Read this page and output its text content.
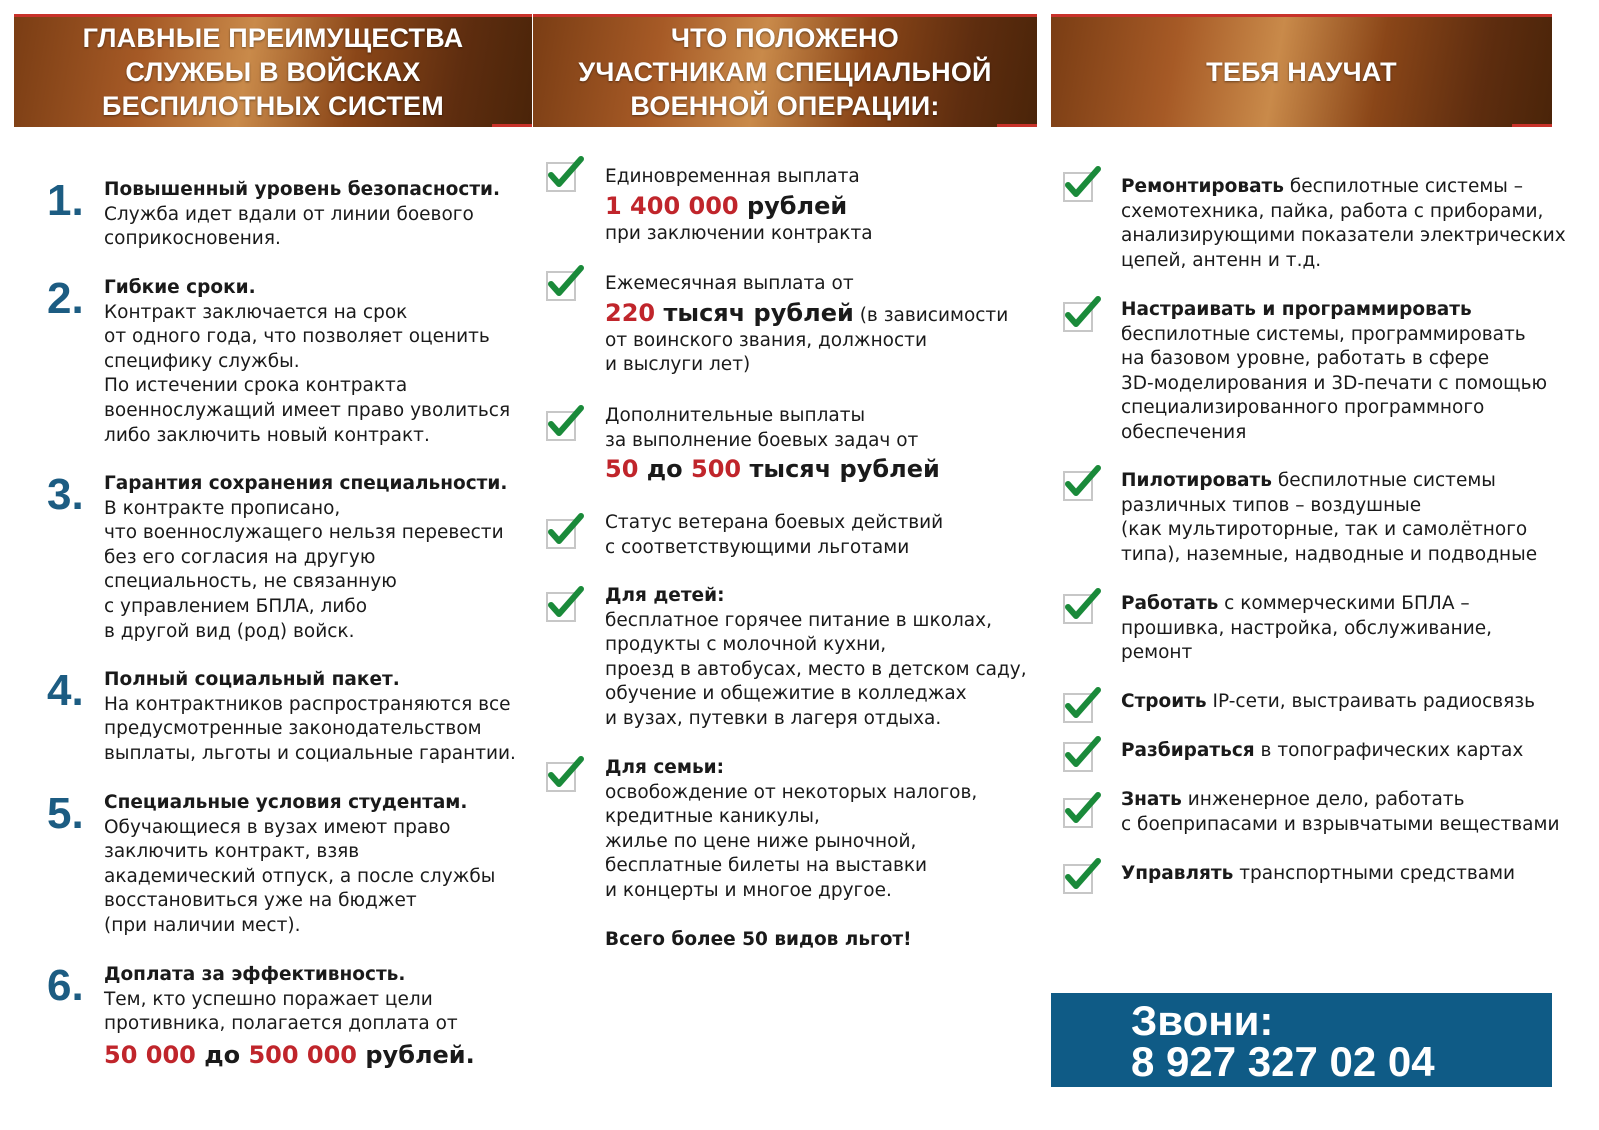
ГЛАВНЫЕ ПРЕИМУЩЕСТВА
СЛУЖБЫ В ВОЙСКАХ
БЕСПИЛОТНЫХ СИСТЕМ
1. Повышенный уровень безопасности.
Служба идет вдали от линии боевого
соприкосновения.
2. Гибкие сроки.
Контракт заключается на срок
от одного года, что позволяет оценить
специфику службы.
По истечении срока контракта
военнослужащий имеет право уволиться
либо заключить новый контракт.
3. Гарантия сохранения специальности.
В контракте прописано,
что военнослужащего нельзя перевести
без его согласия на другую
специальность, не связанную
с управлением БПЛА, либо
в другой вид (род) войск.
4. Полный социальный пакет.
На контрактников распространяются все
предусмотренные законодательством
выплаты, льготы и социальные гарантии.
5. Специальные условия студентам.
Обучающиеся в вузах имеют право
заключить контракт, взяв
академический отпуск, а после службы
восстановиться уже на бюджет
(при наличии мест).
6. Доплата за эффективность.
Тем, кто успешно поражает цели
противника, полагается доплата от
50 000 до 500 000 рублей.
ЧТО ПОЛОЖЕНО
УЧАСТНИКАМ СПЕЦИАЛЬНОЙ
ВОЕННОЙ ОПЕРАЦИИ:
Единовременная выплата
1 400 000 рублей
при заключении контракта
Ежемесячная выплата от
220 тысяч рублей (в зависимости
от воинского звания, должности
и выслуги лет)
Дополнительные выплаты
за выполнение боевых задач от
50 до 500 тысяч рублей
Статус ветерана боевых действий
с соответствующими льготами
Для детей:
бесплатное горячее питание в школах,
продукты с молочной кухни,
проезд в автобусах, место в детском саду,
обучение и общежитие в колледжах
и вузах, путевки в лагеря отдыха.
Для семьи:
освобождение от некоторых налогов,
кредитные каникулы,
жилье по цене ниже рыночной,
бесплатные билеты на выставки
и концерты и многое другое.
Всего более 50 видов льгот!
ТЕБЯ НАУЧАТ
Ремонтировать беспилотные системы –
схемотехника, пайка, работа с приборами,
анализирующими показатели электрических
цепей, антенн и т.д.
Настраивать и программировать
беспилотные системы, программировать
на базовом уровне, работать в сфере
3D-моделирования и 3D-печати с помощью
специализированного программного
обеспечения
Пилотировать беспилотные системы
различных типов – воздушные
(как мультироторные, так и самолётного
типа), наземные, надводные и подводные
Работать с коммерческими БПЛА –
прошивка, настройка, обслуживание,
ремонт
Строить IP-сети, выстраивать радиосвязь
Разбираться в топографических картах
Знать инженерное дело, работать
с боеприпасами и взрывчатыми веществами
Управлять транспортными средствами
Звони:
8 927 327 02 04
